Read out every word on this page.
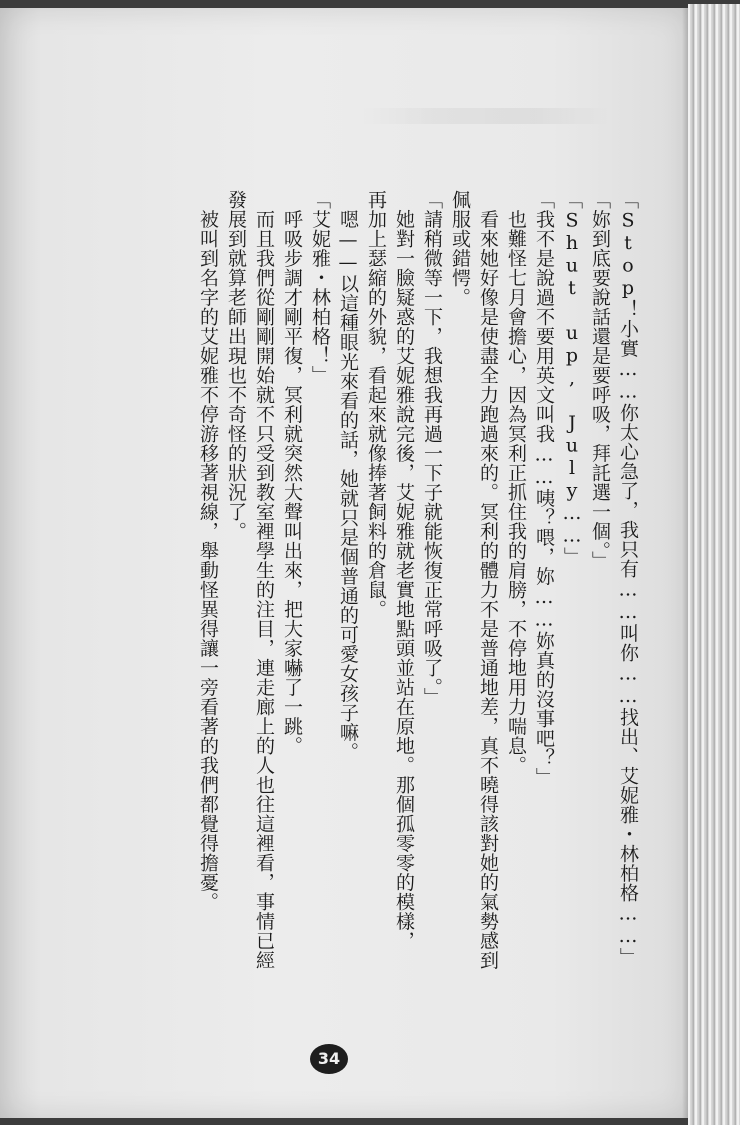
「Stop！小實……你太心急了，我只有……叫你……找出、艾妮雅・林柏格……」
「妳到底要說話還是要呼吸，拜託選一個。」
「Shut up, July……」
「我不是說過不要用英文叫我……咦？喂，妳……妳真的沒事吧？」
　也難怪七月會擔心，因為冥利正抓住我的肩膀，不停地用力喘息。
　看來她好像是使盡全力跑過來的。冥利的體力不是普通地差，真不曉得該對她的氣勢感到
佩服或錯愕。
「請稍微等一下，我想我再過一下子就能恢復正常呼吸了。」
　她對一臉疑惑的艾妮雅說完後，艾妮雅就老實地點頭並站在原地。那個孤零零的模樣，
再加上瑟縮的外貌，看起來就像捧著飼料的倉鼠。
　嗯——以這種眼光來看的話，她就只是個普通的可愛女孩子嘛。
「艾妮雅・林柏格！」
　呼吸步調才剛平復，冥利就突然大聲叫出來，把大家嚇了一跳。
　而且我們從剛剛開始就不只受到教室裡學生的注目，連走廊上的人也往這裡看，事情已經
發展到就算老師出現也不奇怪的狀況了。
　被叫到名字的艾妮雅不停游移著視線，舉動怪異得讓一旁看著的我們都覺得擔憂。
34
